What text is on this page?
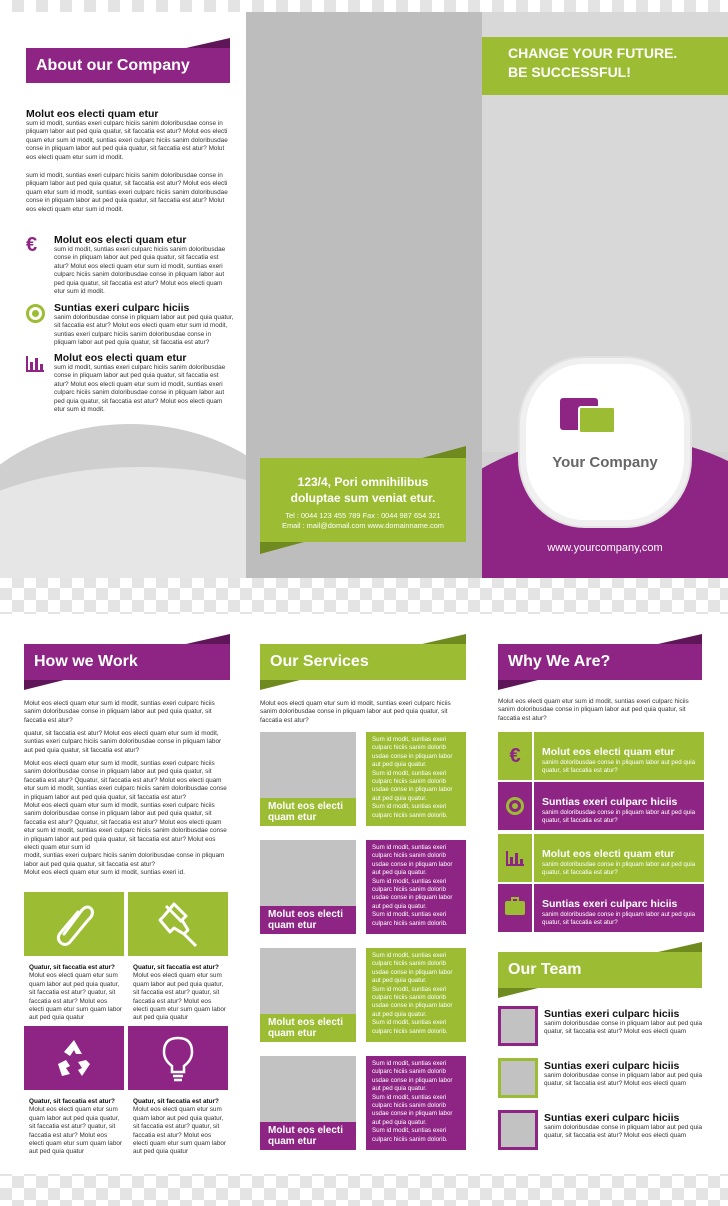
About our Company
Molut eos electi quam etur
sum id modit, suntias exeri culparc hiciis sanim doloribusdae conse in pliquam labor aut ped quia quatur, sit faccatia est atur? Molut eos electi quam etur sum id modit, suntias exeri culparc hiciis sanim doloribusdae conse in pliquam labor aut ped quia quatur, sit faccatia est atur? Molut eos electi quam etur sum id modit.
sum id modit, suntias exeri culparc hiciis sanim doloribusdae conse in pliquam labor aut ped quia quatur, sit faccatia est atur? Molut eos electi quam etur sum id modit, suntias exeri culparc hiciis sanim doloribusdae conse in pliquam labor aut ped quia quatur, sit faccatia est atur? Molut eos electi quam etur sum id modit.
€ Molut eos electi quam etur
sum id modit, suntias exeri culparc hiciis sanim doloribusdae conse in pliquam labor aut ped quia quatur, sit faccatia est atur? Molut eos electi quam etur sum id modit, suntias exeri culparc hiciis sanim doloribusdae conse in pliquam labor aut ped quia quatur, sit faccatia est atur? Molut eos electi quam etur sum id modit.
Suntias exeri culparc hiciis
sanim doloribusdae conse in pliquam labor aut ped quia quatur, sit faccatia est atur? Molut eos electi quam etur sum id modit, suntias exeri culparc hiciis sanim doloribusdae conse in pliquam labor aut ped quia quatur, sit faccatia est atur?
Molut eos electi quam etur
sum id modit, suntias exeri culparc hiciis sanim doloribusdae conse in pliquam labor aut ped quia quatur, sit faccatia est atur? Molut eos electi quam etur sum id modit, suntias exeri culparc hiciis sanim doloribusdae conse in pliquam labor aut ped quia quatur, sit faccatia est atur? Molut eos electi quam etur sum id modit.
123/4, Pori omnihilibus
doluptae sum veniat etur.
Tel : 0044 123 455 789 Fax : 0044 987 654 321
Email : mail@domail.com www.domainname.com
CHANGE YOUR FUTURE.
BE SUCCESSFUL!
Your Company
www.yourcompany,com
How we Work
Molut eos electi quam etur sum id modit, suntias exeri culparc hiciis sanim doloribusdae conse in pliquam labor aut ped quia quatur, sit faccatia est atur?
quatur, sit faccatia est atur? Molut eos electi quam etur sum id modit, suntias exeri culparc hiciis sanim doloribusdae conse in pliquam labor aut ped quia quatur, sit faccatia est atur?
Molut eos electi quam etur sum id modit, suntias exeri culparc hiciis sanim doloribusdae conse in pliquam labor aut ped quia quatur, sit faccatia est atur? Qquatur, sit faccatia est atur? Molut eos electi quam etur sum id modit, suntias exeri culparc hiciis sanim doloribusdae conse in pliquam labor aut ped quia quatur, sit faccatia est atur?
Molut eos electi quam etur sum id modit, suntias exeri culparc hiciis sanim doloribusdae conse in pliquam labor aut ped quia quatur, sit faccatia est atur? Qquatur, sit faccatia est atur? Molut eos electi quam etur sum id modit, suntias exeri culparc hiciis sanim doloribusdae conse in pliquam labor aut ped quia quatur, sit faccatia est atur? Molut eos electi quam etur sum id
modit, suntias exeri culparc hiciis sanim doloribusdae conse in pliquam labor aut ped quia quatur, sit faccatia est atur?
Molut eos electi quam etur sum id modit, suntias exeri id.
Quatur, sit faccatia est atur?
Molut eos electi quam etur sum quam labor aut ped quia quatur, sit faccatia est atur? quatur, sit faccatia est atur? Molut eos electi quam etur sum quam labor aut ped quia quatur
Quatur, sit faccatia est atur?
Molut eos electi quam etur sum quam labor aut ped quia quatur, sit faccatia est atur? quatur, sit faccatia est atur? Molut eos electi quam etur sum quam labor aut ped quia quatur
Quatur, sit faccatia est atur?
Molut eos electi quam etur sum quam labor aut ped quia quatur, sit faccatia est atur? quatur, sit faccatia est atur? Molut eos electi quam etur sum quam labor aut ped quia quatur
Quatur, sit faccatia est atur?
Molut eos electi quam etur sum quam labor aut ped quia quatur, sit faccatia est atur? quatur, sit faccatia est atur? Molut eos electi quam etur sum quam labor aut ped quia quatur
Our Services
Molut eos electi quam etur sum id modit, suntias exeri culparc hiciis sanim doloribusdae conse in pliquam labor aut ped quia quatur, sit faccatia est atur?
Molut eos electi
quam etur
Sum id modit, suntias exeri culparc hiciis sanim dolorib usdae conse in pliquam labor aut ped quia quatur.
Sum id modit, suntias exeri culparc hiciis sanim dolorib usdae conse in pliquam labor aut ped quia quatur.
Sum id modit, suntias exeri culparc hiciis sanim dolorib.
Molut eos electi
quam etur
Sum id modit, suntias exeri culparc hiciis sanim dolorib usdae conse in pliquam labor aut ped quia quatur.
Sum id modit, suntias exeri culparc hiciis sanim dolorib usdae conse in pliquam labor aut ped quia quatur.
Sum id modit, suntias exeri culparc hiciis sanim dolorib.
Molut eos electi
quam etur
Sum id modit, suntias exeri culparc hiciis sanim dolorib usdae conse in pliquam labor aut ped quia quatur.
Sum id modit, suntias exeri culparc hiciis sanim dolorib usdae conse in pliquam labor aut ped quia quatur.
Sum id modit, suntias exeri culparc hiciis sanim dolorib.
Molut eos electi
quam etur
Sum id modit, suntias exeri culparc hiciis sanim dolorib usdae conse in pliquam labor aut ped quia quatur.
Sum id modit, suntias exeri culparc hiciis sanim dolorib usdae conse in pliquam labor aut ped quia quatur.
Sum id modit, suntias exeri culparc hiciis sanim dolorib.
Why We Are?
Molut eos electi quam etur sum id modit, suntias exeri culparc hiciis sanim doloribusdae conse in pliquam labor aut ped quia quatur, sit faccatia est atur?
€ Molut eos electi quam etur
sanim doloribusdae conse in pliquam labor aut ped quia quatur, sit faccatia est atur?
Suntias exeri culparc hiciis
sanim doloribusdae conse in pliquam labor aut ped quia quatur, sit faccatia est atur?
Molut eos electi quam etur
sanim doloribusdae conse in pliquam labor aut ped quia quatur, sit faccatia est atur?
Suntias exeri culparc hiciis
sanim doloribusdae conse in pliquam labor aut ped quia quatur, sit faccatia est atur?
Our Team
Suntias exeri culparc hiciis
sanim doloribusdae conse in pliquam labor aut ped quia quatur, sit faccatia est atur? Molut eos electi quam
Suntias exeri culparc hiciis
sanim doloribusdae conse in pliquam labor aut ped quia quatur, sit faccatia est atur? Molut eos electi quam
Suntias exeri culparc hiciis
sanim doloribusdae conse in pliquam labor aut ped quia quatur, sit faccatia est atur? Molut eos electi quam
